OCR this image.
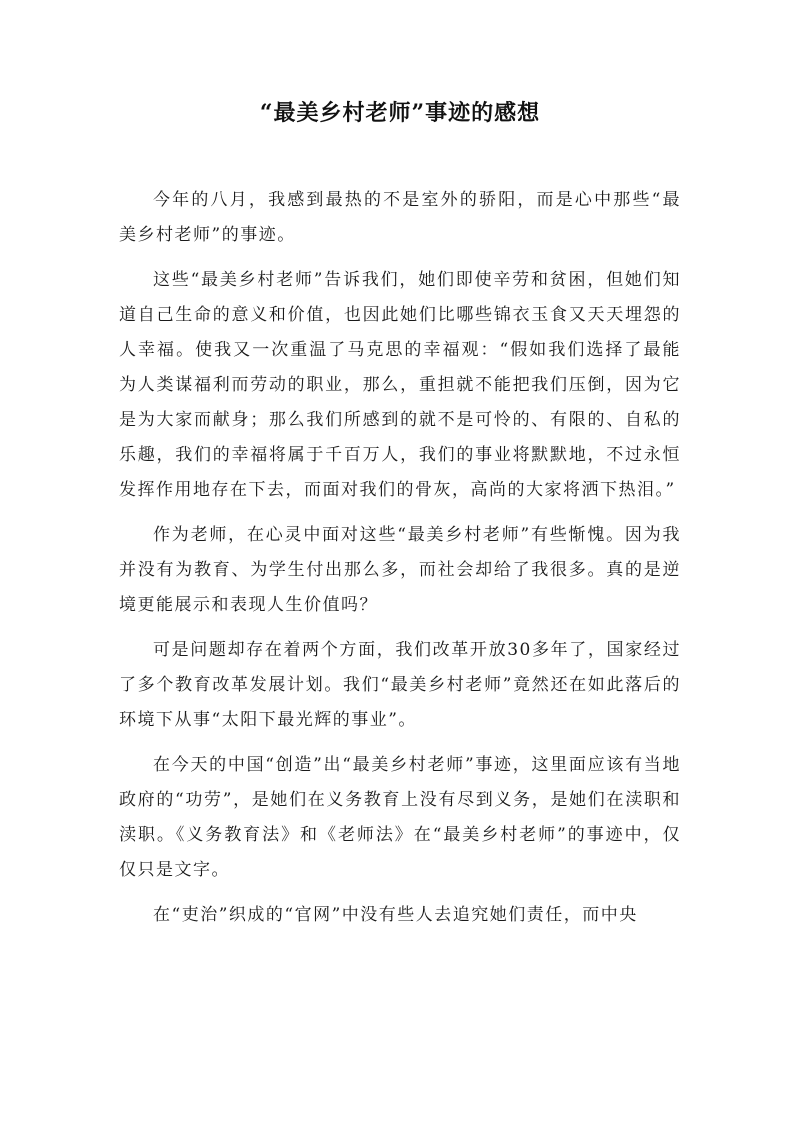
“最美乡村老师”事迹的感想

今年的八月，我感到最热的不是室外的骄阳，而是心中那些“最美乡村老师”的事迹。

这些“最美乡村老师”告诉我们，她们即使辛劳和贫困，但她们知道自己生命的意义和价值，也因此她们比哪些锦衣玉食又天天埋怨的人幸福。使我又一次重温了马克思的幸福观：“假如我们选择了最能为人类谋福利而劳动的职业，那么，重担就不能把我们压倒，因为它是为大家而献身；那么我们所感到的就不是可怜的、有限的、自私的乐趣，我们的幸福将属于千百万人，我们的事业将默默地，不过永恒发挥作用地存在下去，而面对我们的骨灰，高尚的大家将洒下热泪。”

作为老师，在心灵中面对这些“最美乡村老师”有些惭愧。因为我并没有为教育、为学生付出那么多，而社会却给了我很多。真的是逆境更能展示和表现人生价值吗？

可是问题却存在着两个方面，我们改革开放30多年了，国家经过了多个教育改革发展计划。我们“最美乡村老师”竟然还在如此落后的环境下从事“太阳下最光辉的事业”。

在今天的中国“创造”出“最美乡村老师”事迹，这里面应该有当地政府的“功劳”，是她们在义务教育上没有尽到义务，是她们在渎职和渎职。《义务教育法》和《老师法》在“最美乡村老师”的事迹中，仅仅只是文字。

在“吏治”织成的“官网”中没有些人去追究她们责任，而中央
